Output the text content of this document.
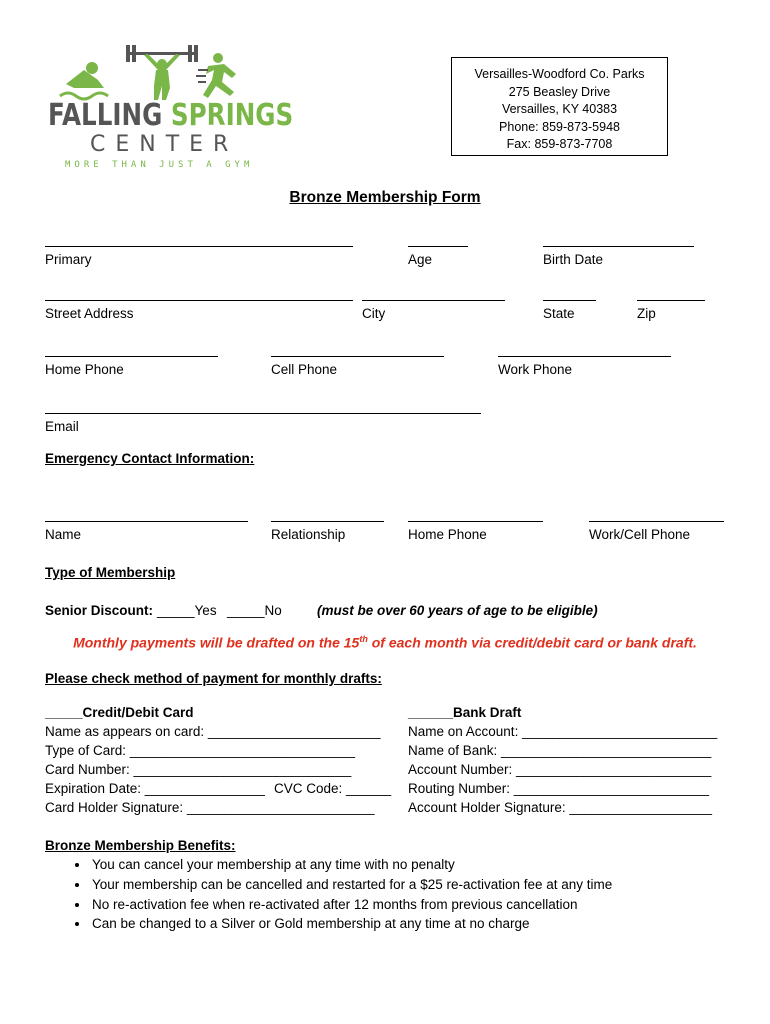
FALLING SPRINGS
CENTER
MORE THAN JUST A GYM
Versailles-Woodford Co. Parks
275 Beasley Drive
Versailles, KY 40383
Phone: 859-873-5948
Fax: 859-873-7708
Bronze Membership Form
Primary	Age	Birth Date
Street Address	City	State	Zip
Home Phone	Cell Phone	Work Phone
Email
Emergency Contact Information:
Name	Relationship	Home Phone	Work/Cell Phone
Type of Membership
Senior Discount: _____Yes _____No	(must be over 60 years of age to be eligible)
Monthly payments will be drafted on the 15th of each month via credit/debit card or bank draft.
Please check method of payment for monthly drafts:
_____Credit/Debit Card
Name as appears on card: _______________________
Type of Card: ______________________________
Card Number: _____________________________
Expiration Date: ________________ CVC Code: ______
Card Holder Signature: _________________________
______Bank Draft
Name on Account: __________________________
Name of Bank: ____________________________
Account Number: __________________________
Routing Number: __________________________
Account Holder Signature: ___________________
Bronze Membership Benefits:
• You can cancel your membership at any time with no penalty
• Your membership can be cancelled and restarted for a $25 re-activation fee at any time
• No re-activation fee when re-activated after 12 months from previous cancellation
• Can be changed to a Silver or Gold membership at any time at no charge
